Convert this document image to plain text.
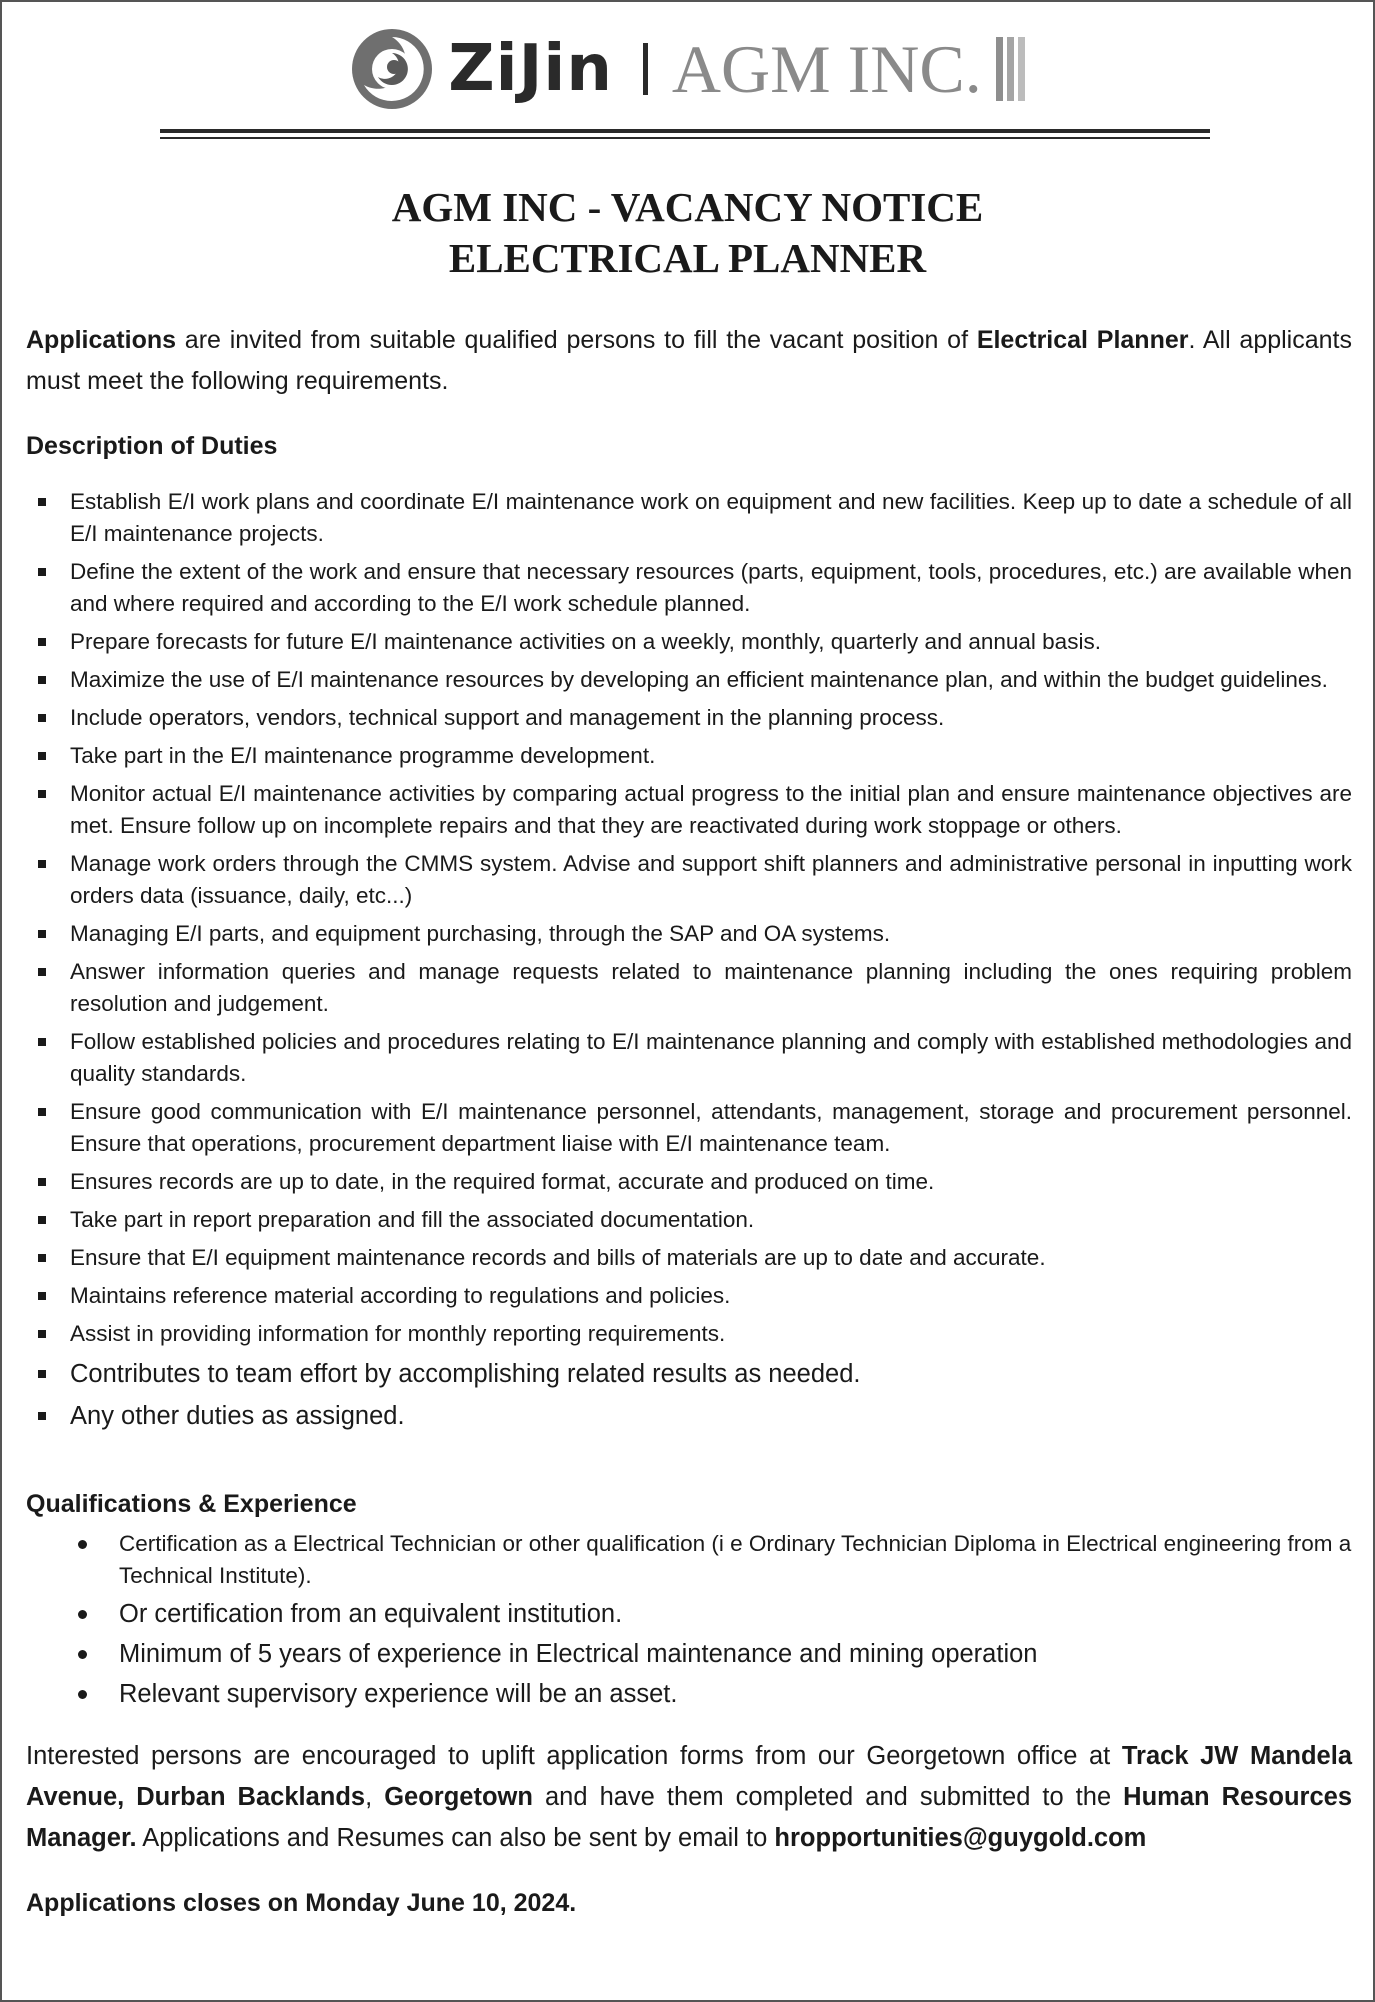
ZiJin AGM INC.
AGM INC - VACANCY NOTICE
ELECTRICAL PLANNER

Applications are invited from suitable qualified persons to fill the vacant position of Electrical Planner. All applicants must meet the following requirements.

Description of Duties
Establish E/I work plans and coordinate E/I maintenance work on equipment and new facilities. Keep up to date a schedule of all E/I maintenance projects.
Define the extent of the work and ensure that necessary resources (parts, equipment, tools, procedures, etc.) are available when and where required and according to the E/I work schedule planned.
Prepare forecasts for future E/I maintenance activities on a weekly, monthly, quarterly and annual basis.
Maximize the use of E/I maintenance resources by developing an efficient maintenance plan, and within the budget guidelines.
Include operators, vendors, technical support and management in the planning process.
Take part in the E/I maintenance programme development.
Monitor actual E/I maintenance activities by comparing actual progress to the initial plan and ensure maintenance objectives are met. Ensure follow up on incomplete repairs and that they are reactivated during work stoppage or others.
Manage work orders through the CMMS system. Advise and support shift planners and administrative personal in inputting work orders data (issuance, daily, etc...)
Managing E/I parts, and equipment purchasing, through the SAP and OA systems.
Answer information queries and manage requests related to maintenance planning including the ones requiring problem resolution and judgement.
Follow established policies and procedures relating to E/I maintenance planning and comply with established methodologies and quality standards.
Ensure good communication with E/I maintenance personnel, attendants, management, storage and procurement personnel. Ensure that operations, procurement department liaise with E/I maintenance team.
Ensures records are up to date, in the required format, accurate and produced on time.
Take part in report preparation and fill the associated documentation.
Ensure that E/I equipment maintenance records and bills of materials are up to date and accurate.
Maintains reference material according to regulations and policies.
Assist in providing information for monthly reporting requirements.
Contributes to team effort by accomplishing related results as needed.
Any other duties as assigned.
Qualifications & Experience
Certification as a Electrical Technician or other qualification (i e Ordinary Technician Diploma in Electrical engineering from a Technical Institute).
Or certification from an equivalent institution.
Minimum of 5 years of experience in Electrical maintenance and mining operation
Relevant supervisory experience will be an asset.

Interested persons are encouraged to uplift application forms from our Georgetown office at Track JW Mandela Avenue, Durban Backlands, Georgetown and have them completed and submitted to the Human Resources Manager. Applications and Resumes can also be sent by email to hropportunities@guygold.com

Applications closes on Monday June 10, 2024.
